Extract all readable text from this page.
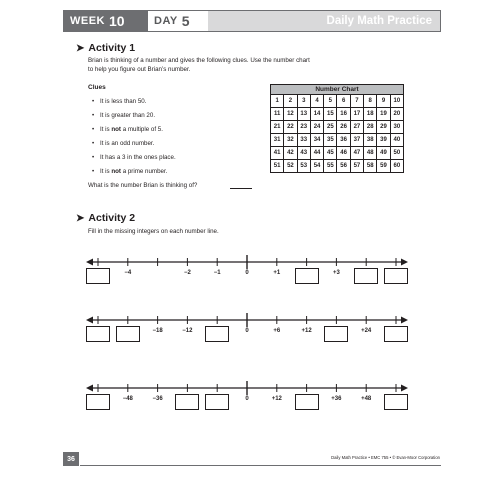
WEEK 10	DAY 5	Daily Math Practice
➤ Activity 1
Brian is thinking of a number and gives the following clues. Use the number chart
to help you figure out Brian’s number.
Clues
• It is less than 50.
• It is greater than 20.
• It is not a multiple of 5.
• It is an odd number.
• It has a 3 in the ones place.
• It is not a prime number.
What is the number Brian is thinking of?
Number Chart									
1	2	3	4	5	6	7	8	9	10
11	12	13	14	15	16	17	18	19	20
21	22	23	24	25	26	27	28	29	30
31	32	33	34	35	36	37	38	39	40
41	42	43	44	45	46	47	48	49	50
51	52	53	54	55	56	57	58	59	60
➤ Activity 2
Fill in the missing integers on each number line.
−4	−2	−1	0	+1	+3
−18	−12	0	+6	+12	+24
−48	−36	0	+12	+36	+48
36	Daily Math Practice • EMC 755 • © Evan-Moor Corporation
